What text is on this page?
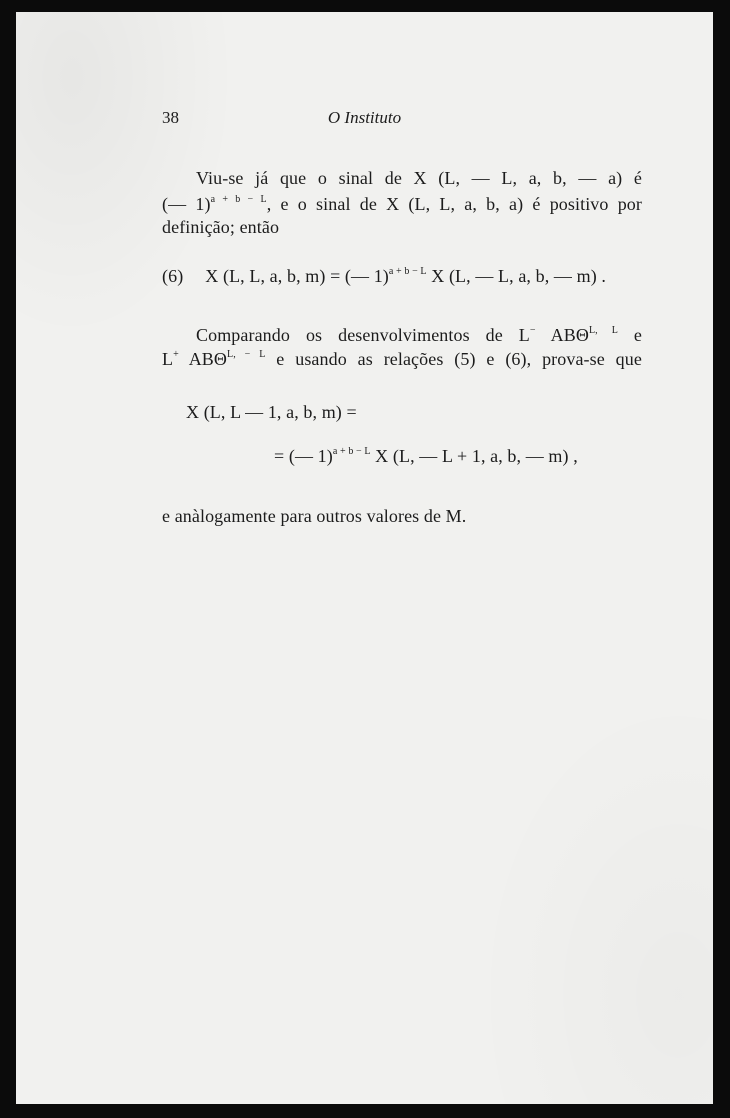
38	O Instituto
Viu-se já que o sinal de X (L, — L, a, b, — a) é
(— 1)$^{a + b - L}$, e o sinal de X (L, L, a, b, a) é positivo por
definição; então
(6) X (L, L, a, b, m) = (— 1)$^{a + b - L}$ X (L, — L, a, b, — m) .
Comparando os desenvolvimentos de L− $AB\Theta^{L, L}$ e
L+ $AB\Theta^{L, - L}$ e usando as relações (5) e (6), prova-se que
X (L, L — 1, a, b, m) =
= (— 1)$^{a + b - L}$ X (L, — L + 1, a, b, — m) ,
e anàlogamente para outros valores de M.
